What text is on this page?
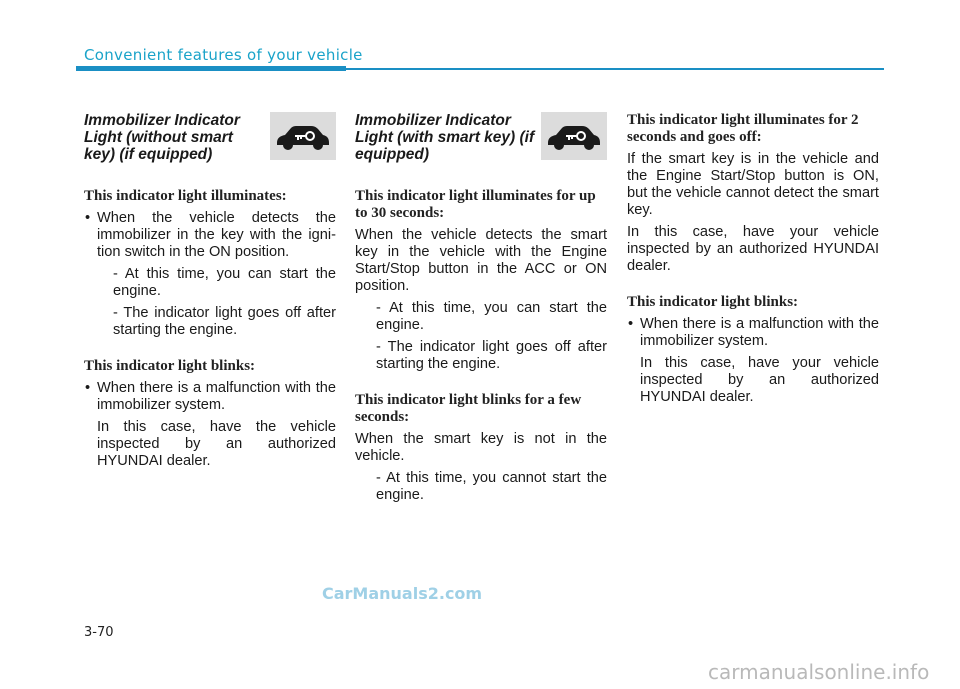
Convenient features of your vehicle

Immobilizer Indicator Light (without smart key) (if equipped)

This indicator light illuminates:

• When the vehicle detects the immobilizer in the key with the igni-tion switch in the ON position.
- At this time, you can start the engine.
- The indicator light goes off after starting the engine.

This indicator light blinks:

• When there is a malfunction with the immobilizer system.
In this case, have the vehicle inspected by an authorized HYUNDAI dealer.

Immobilizer Indicator Light (with smart key) (if equipped)

This indicator light illuminates for up to 30 seconds:

When the vehicle detects the smart key in the vehicle with the Engine Start/Stop button in the ACC or ON position.

- At this time, you can start the engine.
- The indicator light goes off after starting the engine.

This indicator light blinks for a few seconds:

When the smart key is not in the vehicle.

- At this time, you cannot start the engine.

This indicator light illuminates for 2 seconds and goes off:

If the smart key is in the vehicle and the Engine Start/Stop button is ON, but the vehicle cannot detect the smart key.

In this case, have your vehicle inspected by an authorized HYUNDAI dealer.

This indicator light blinks:

• When there is a malfunction with the immobilizer system.
In this case, have your vehicle inspected by an authorized HYUNDAI dealer.
CarManuals2.com
3-70
carmanualsonline.info
